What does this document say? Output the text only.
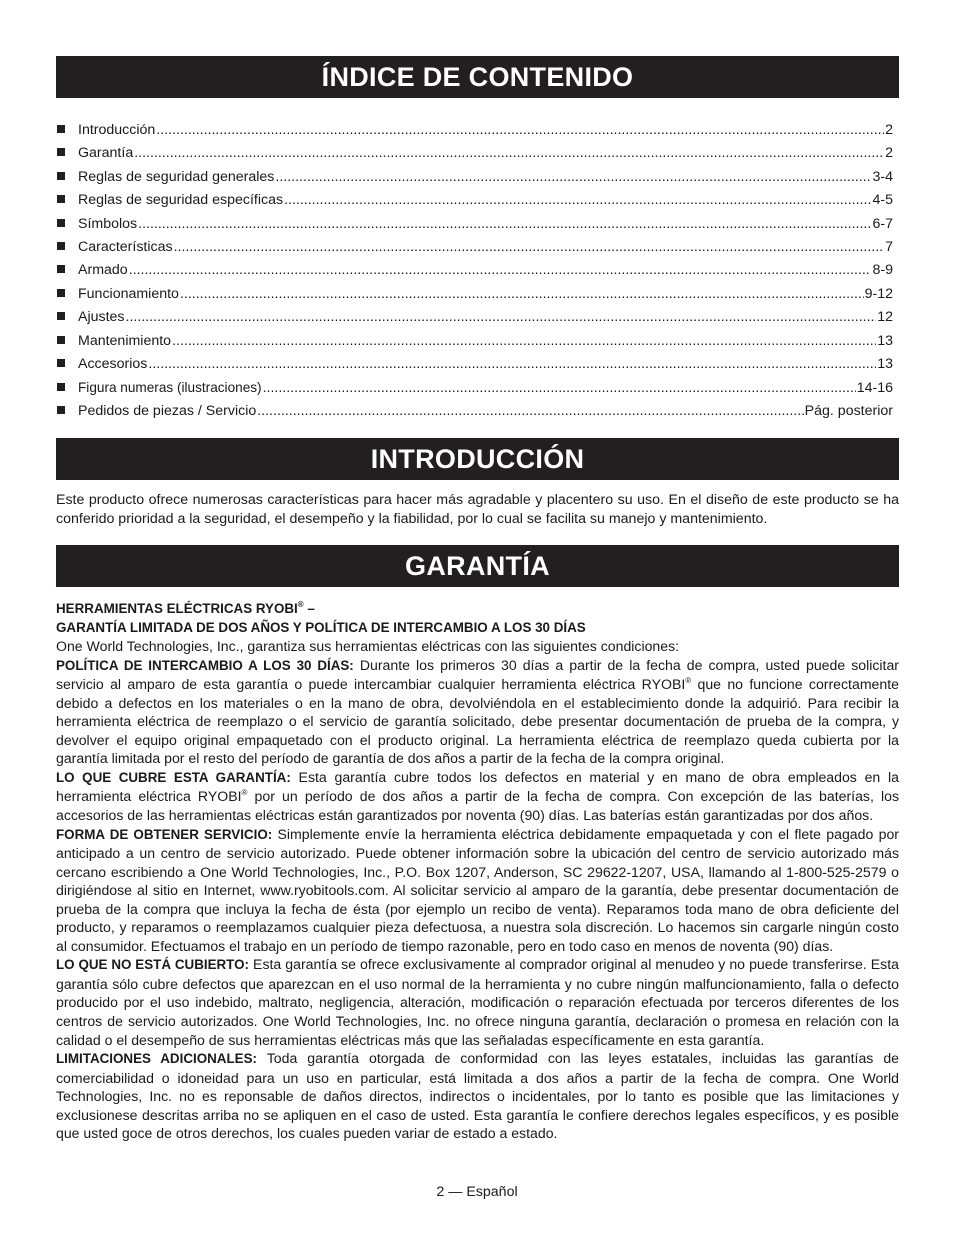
ÍNDICE DE CONTENIDO
Introducción .....	2
Garantía .....	2
Reglas de seguridad generales .....	3-4
Reglas de seguridad específicas .....	4-5
Símbolos .....	6-7
Características .....	7
Armado .....	8-9
Funcionamiento .....	9-12
Ajustes .....	12
Mantenimiento .....	13
Accesorios .....	13
Figura numeras (ilustraciones) .....	14-16
Pedidos de piezas / Servicio .....	Pág. posterior
INTRODUCCIÓN

Este producto ofrece numerosas características para hacer más agradable y placentero su uso. En el diseño de este producto se ha conferido prioridad a la seguridad, el desempeño y la fiabilidad, por lo cual se facilita su manejo y mantenimiento.

GARANTÍA

HERRAMIENTAS ELÉCTRICAS RYOBI® –

GARANTÍA LIMITADA DE DOS AÑOS Y POLÍTICA DE INTERCAMBIO A LOS 30 DÍAS

One World Technologies, Inc., garantiza sus herramientas eléctricas con las siguientes condiciones:

POLÍTICA DE INTERCAMBIO A LOS 30 DÍAS: Durante los primeros 30 días a partir de la fecha de compra, usted puede solicitar servicio al amparo de esta garantía o puede intercambiar cualquier herramienta eléctrica RYOBI® que no funcione correctamente debido a defectos en los materiales o en la mano de obra, devolviéndola en el establecimiento donde la adquirió. Para recibir la herramienta eléctrica de reemplazo o el servicio de garantía solicitado, debe presentar documentación de prueba de la compra, y devolver el equipo original empaquetado con el producto original. La herramienta eléctrica de reemplazo queda cubierta por la garantía limitada por el resto del período de garantía de dos años a partir de la fecha de la compra original.

LO QUE CUBRE ESTA GARANTÍA: Esta garantía cubre todos los defectos en material y en mano de obra empleados en la herramienta eléctrica RYOBI® por un período de dos años a partir de la fecha de compra. Con excepción de las baterías, los accesorios de las herramientas eléctricas están garantizados por noventa (90) días. Las baterías están garantizadas por dos años.

FORMA DE OBTENER SERVICIO: Simplemente envíe la herramienta eléctrica debidamente empaquetada y con el flete pagado por anticipado a un centro de servicio autorizado. Puede obtener información sobre la ubicación del centro de servicio autorizado más cercano escribiendo a One World Technologies, Inc., P.O. Box 1207, Anderson, SC 29622-1207, USA, llamando al 1-800-525-2579 o dirigiéndose al sitio en Internet, www.ryobitools.com. Al solicitar servicio al amparo de la garantía, debe presentar documentación de prueba de la compra que incluya la fecha de ésta (por ejemplo un recibo de venta). Reparamos toda mano de obra deficiente del producto, y reparamos o reemplazamos cualquier pieza defectuosa, a nuestra sola discreción. Lo hacemos sin cargarle ningún costo al consumidor. Efectuamos el trabajo en un período de tiempo razonable, pero en todo caso en menos de noventa (90) días.

LO QUE NO ESTÁ CUBIERTO: Esta garantía se ofrece exclusivamente al comprador original al menudeo y no puede transferirse. Esta garantía sólo cubre defectos que aparezcan en el uso normal de la herramienta y no cubre ningún malfuncionamiento, falla o defecto producido por el uso indebido, maltrato, negligencia, alteración, modificación o reparación efectuada por terceros diferentes de los centros de servicio autorizados. One World Technologies, Inc. no ofrece ninguna garantía, declaración o promesa en relación con la calidad o el desempeño de sus herramientas eléctricas más que las señaladas específicamente en esta garantía.

LIMITACIONES ADICIONALES: Toda garantía otorgada de conformidad con las leyes estatales, incluidas las garantías de comerciabilidad o idoneidad para un uso en particular, está limitada a dos años a partir de la fecha de compra. One World Technologies, Inc. no es reponsable de daños directos, indirectos o incidentales, por lo tanto es posible que las limitaciones y exclusionese descritas arriba no se apliquen en el caso de usted. Esta garantía le confiere derechos legales específicos, y es posible que usted goce de otros derechos, los cuales pueden variar de estado a estado.

2 — Español
